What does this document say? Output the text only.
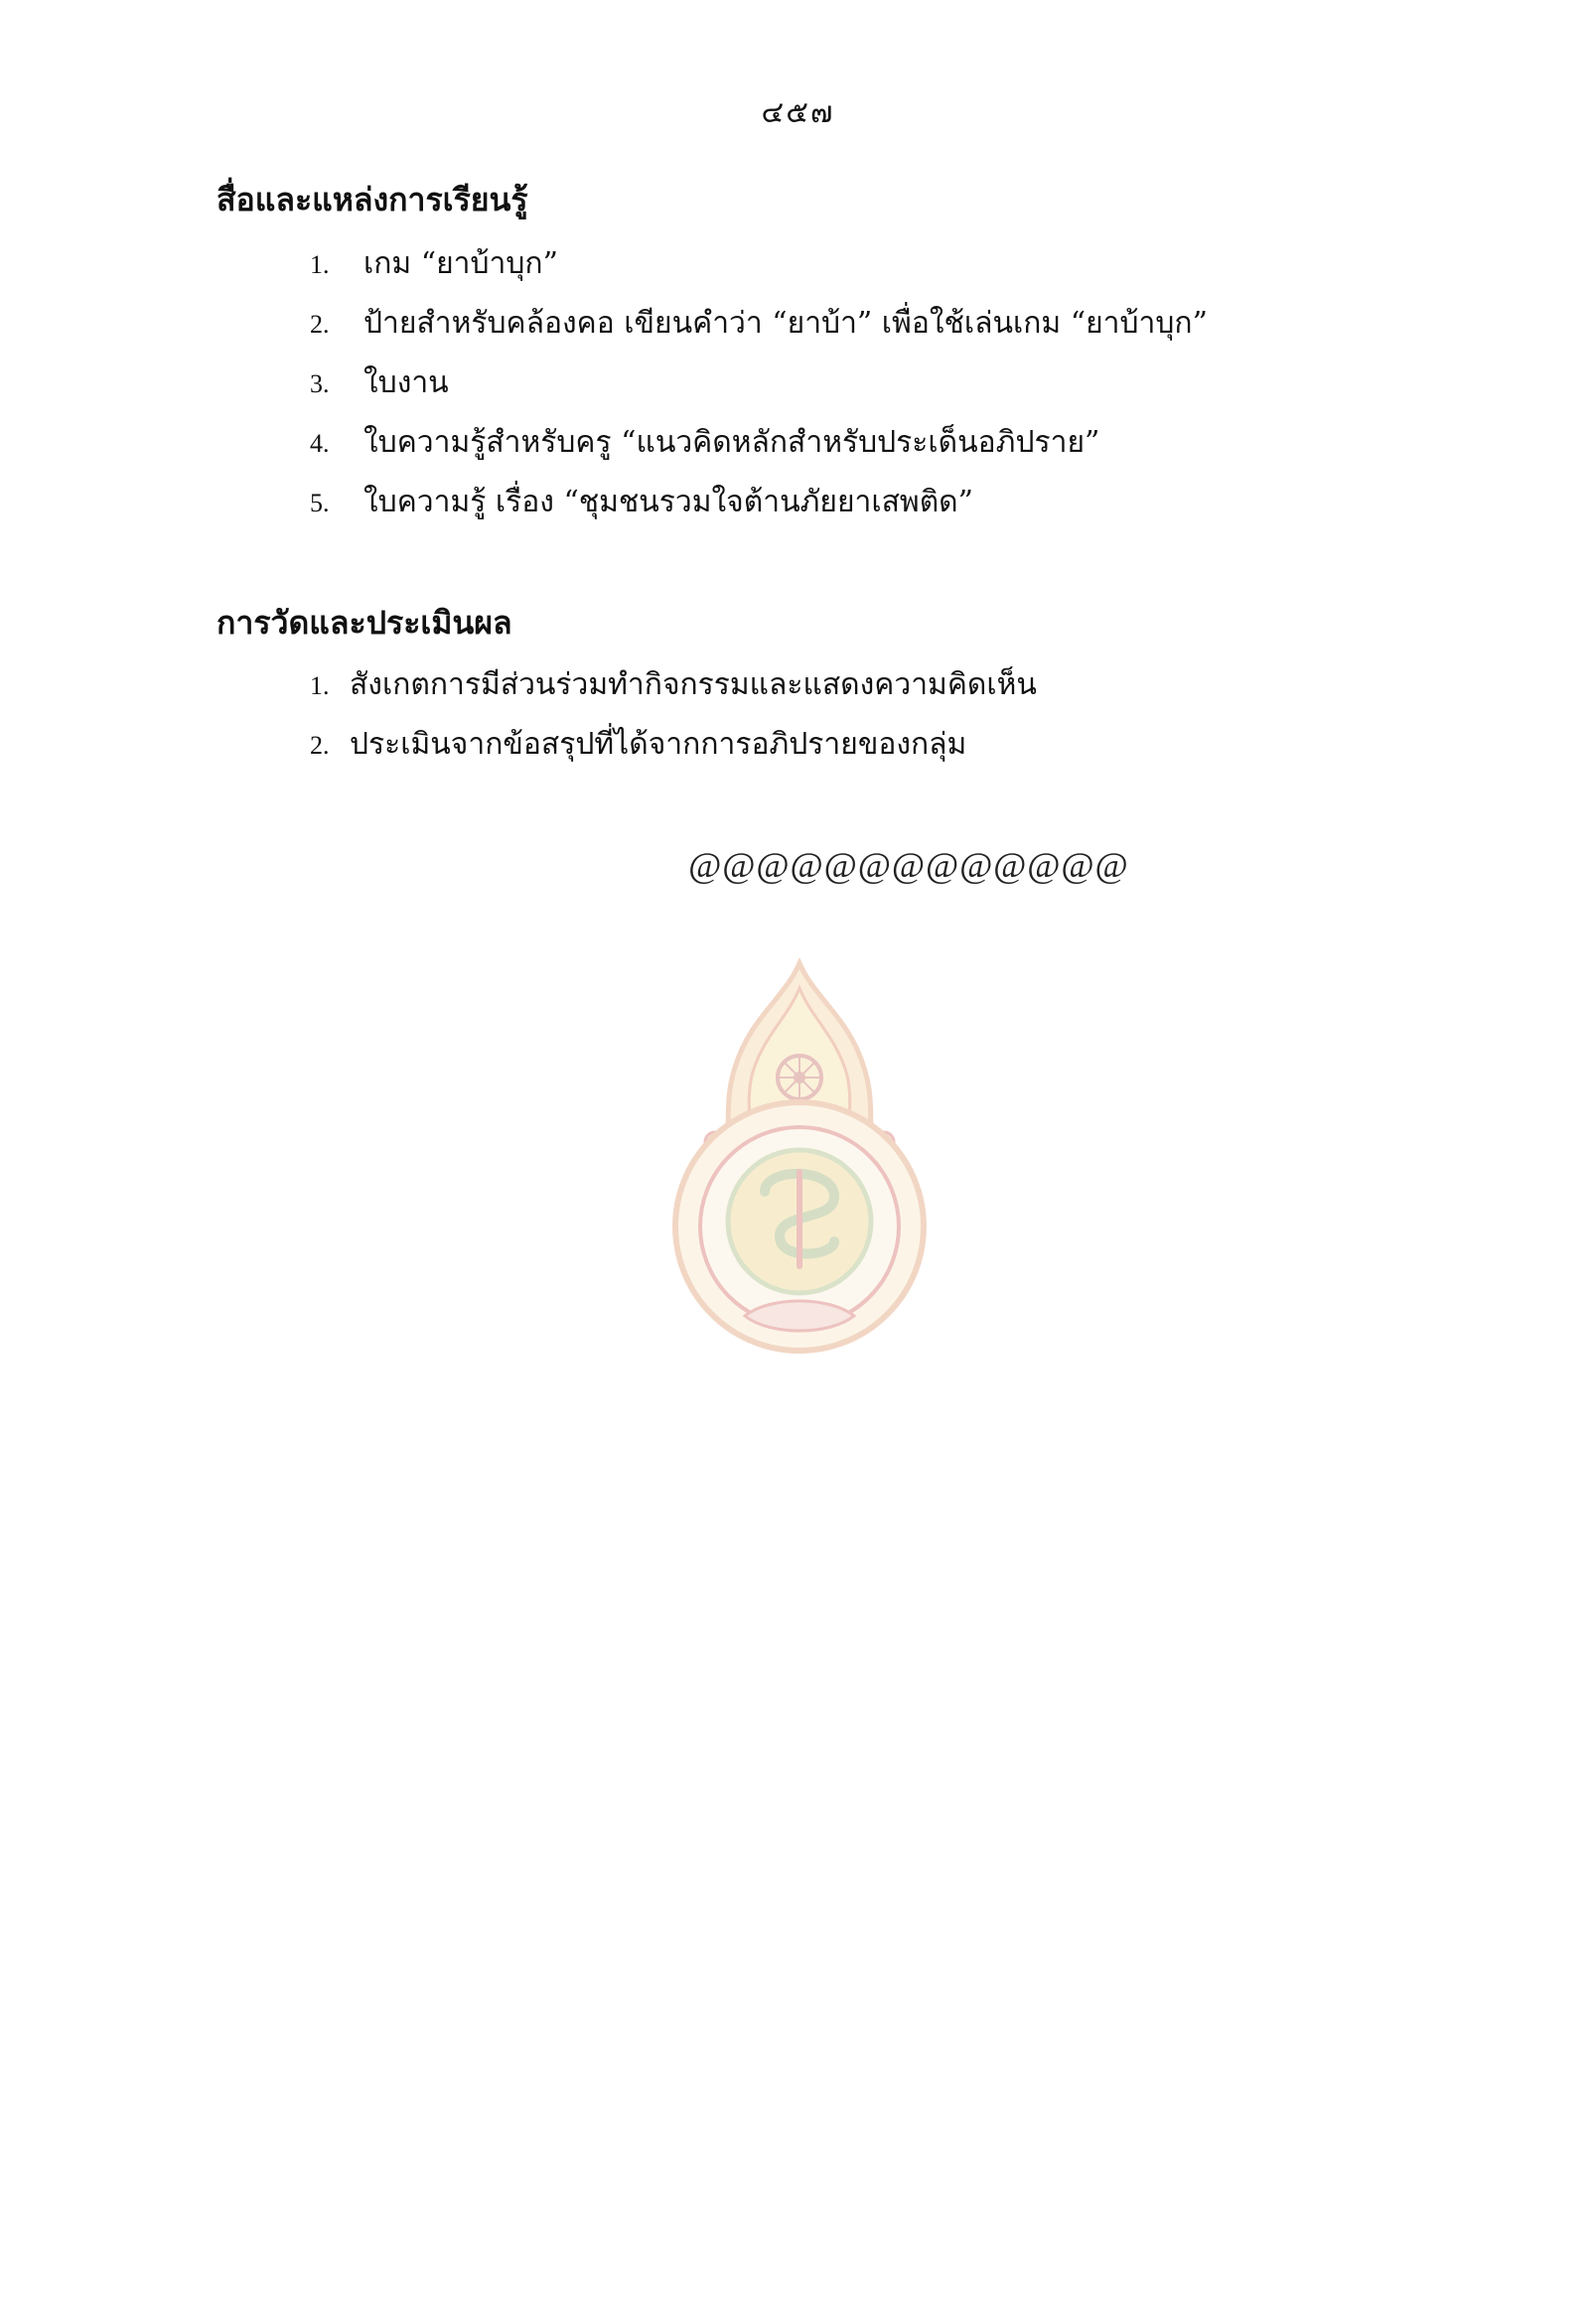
๔๕๗
สื่อและแหล่งการเรียนรู้
1.	เกม “ยาบ้าบุก”
2.	ป้ายสำหรับคล้องคอ เขียนคำว่า “ยาบ้า” เพื่อใช้เล่นเกม “ยาบ้าบุก”
3.	ใบงาน
4.	ใบความรู้สำหรับครู “แนวคิดหลักสำหรับประเด็นอภิปราย”
5.	ใบความรู้ เรื่อง “ชุมชนรวมใจต้านภัยยาเสพติด”
การวัดและประเมินผล
1. สังเกตการมีส่วนร่วมทำกิจกรรมและแสดงความคิดเห็น
2. ประเมินจากข้อสรุปที่ได้จากการอภิปรายของกลุ่ม
@@@@@@@@@@@@@
